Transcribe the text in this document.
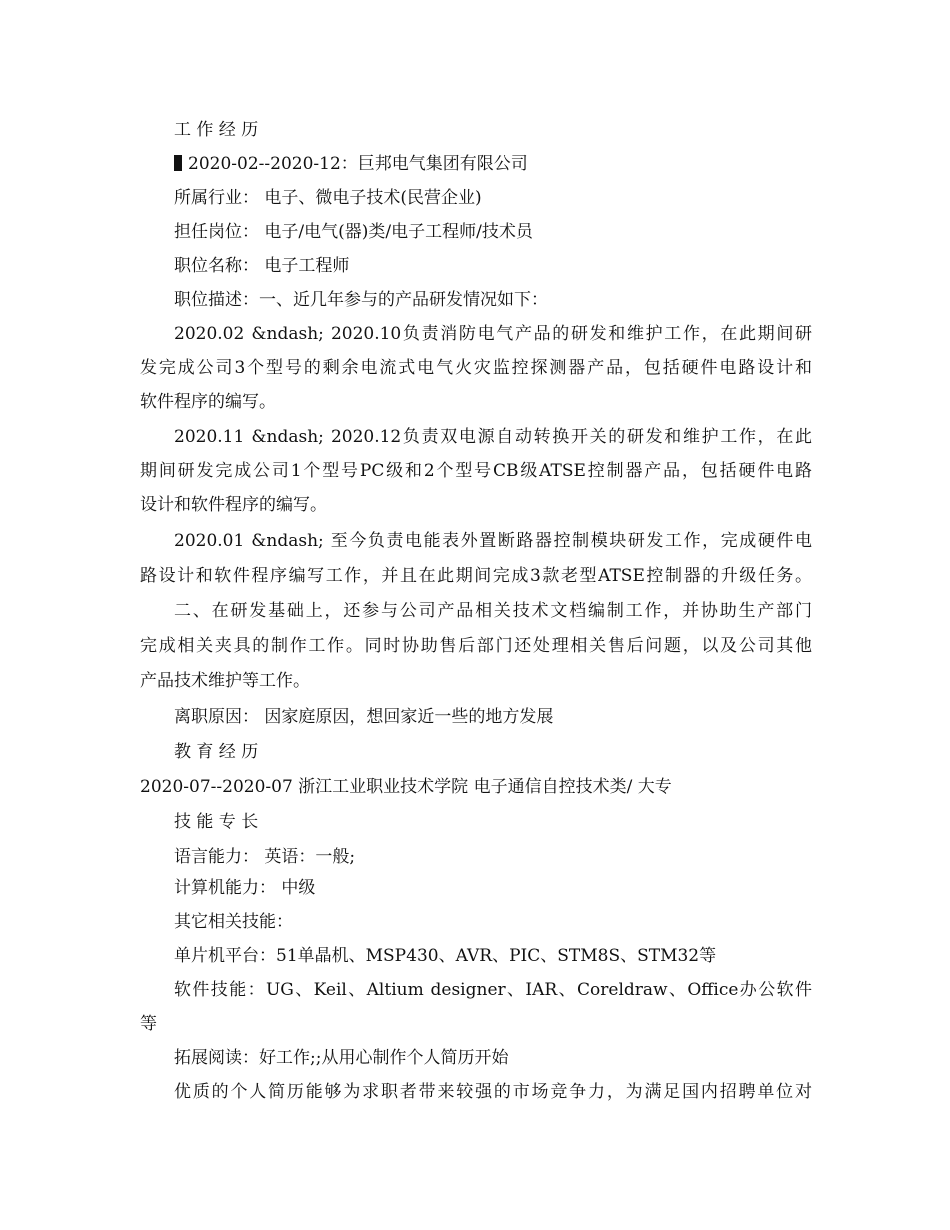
工 作 经 历
2020-02--2020-12：巨邦电气集团有限公司
所属行业： 电子、微电子技术(民营企业)
担任岗位： 电子/电气(器)类/电子工程师/技术员
职位名称： 电子工程师
职位描述：一、近几年参与的产品研发情况如下：
2020.02 &ndash; 2020.10负责消防电气产品的研发和维护工作，在此期间研
发完成公司3个型号的剩余电流式电气火灾监控探测器产品，包括硬件电路设计和
软件程序的编写。
2020.11 &ndash; 2020.12负责双电源自动转换开关的研发和维护工作，在此
期间研发完成公司1个型号PC级和2个型号CB级ATSE控制器产品，包括硬件电路
设计和软件程序的编写。
2020.01 &ndash; 至今负责电能表外置断路器控制模块研发工作，完成硬件电
路设计和软件程序编写工作，并且在此期间完成3款老型ATSE控制器的升级任务。
二、在研发基础上，还参与公司产品相关技术文档编制工作，并协助生产部门
完成相关夹具的制作工作。同时协助售后部门还处理相关售后问题，以及公司其他
产品技术维护等工作。
离职原因： 因家庭原因，想回家近一些的地方发展
教 育 经 历
2020-07--2020-07 浙江工业职业技术学院 电子通信自控技术类/ 大专
技 能 专 长
语言能力： 英语：一般;
计算机能力： 中级
其它相关技能：
单片机平台：51单晶机、MSP430、AVR、PIC、STM8S、STM32等
软件技能：UG、Keil、Altium designer、IAR、Coreldraw、Office办公软件
等
拓展阅读：好工作;;从用心制作个人简历开始
优质的个人简历能够为求职者带来较强的市场竞争力，为满足国内招聘单位对
